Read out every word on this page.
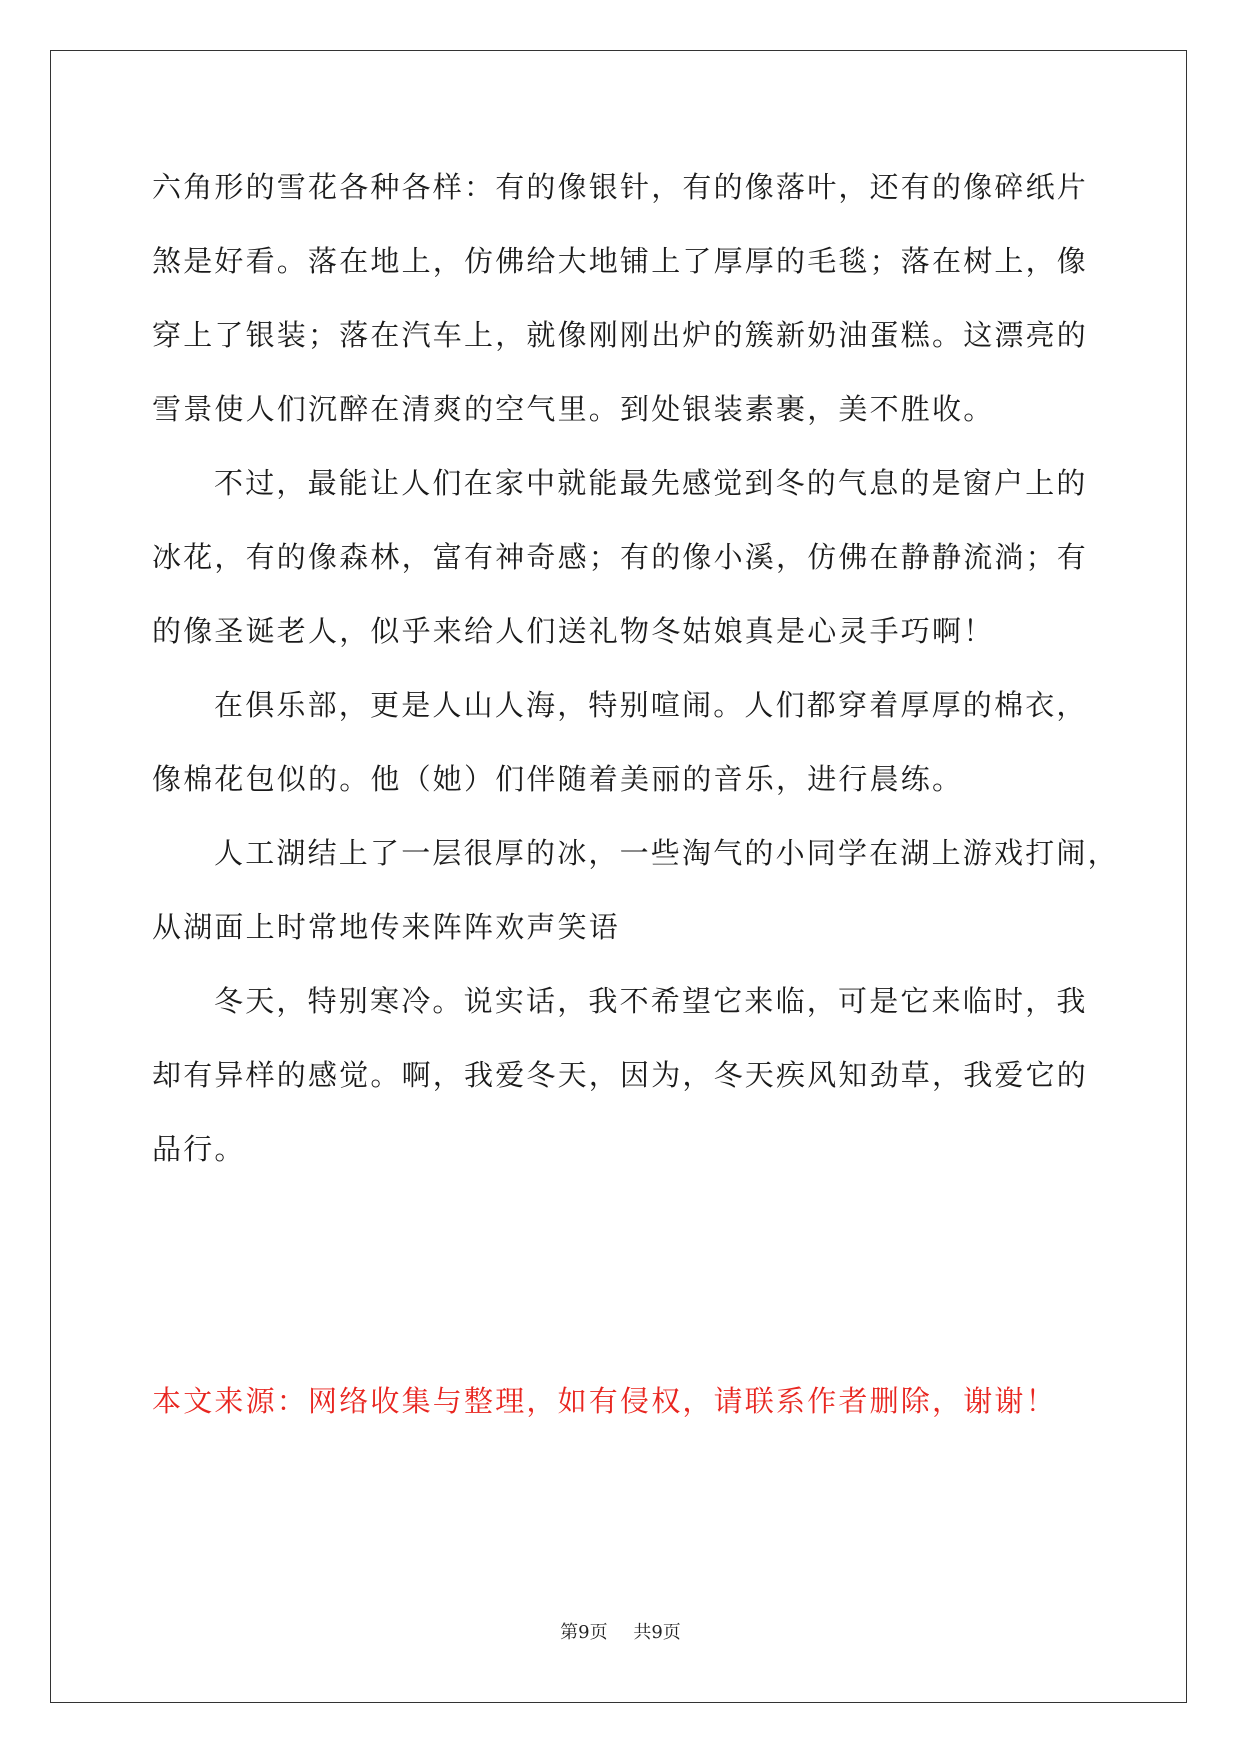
六角形的雪花各种各样：有的像银针，有的像落叶，还有的像碎纸片
煞是好看。落在地上，仿佛给大地铺上了厚厚的毛毯；落在树上，像
穿上了银装；落在汽车上，就像刚刚出炉的簇新奶油蛋糕。这漂亮的
雪景使人们沉醉在清爽的空气里。到处银装素裹，美不胜收。
不过，最能让人们在家中就能最先感觉到冬的气息的是窗户上的
冰花，有的像森林，富有神奇感；有的像小溪，仿佛在静静流淌；有
的像圣诞老人，似乎来给人们送礼物冬姑娘真是心灵手巧啊！
在俱乐部，更是人山人海，特别喧闹。人们都穿着厚厚的棉衣，
像棉花包似的。他（她）们伴随着美丽的音乐，进行晨练。
人工湖结上了一层很厚的冰，一些淘气的小同学在湖上游戏打闹，
从湖面上时常地传来阵阵欢声笑语
冬天，特别寒冷。说实话，我不希望它来临，可是它来临时，我
却有异样的感觉。啊，我爱冬天，因为，冬天疾风知劲草，我爱它的
品行。
本文来源：网络收集与整理，如有侵权，请联系作者删除，谢谢！
第9页 共9页
